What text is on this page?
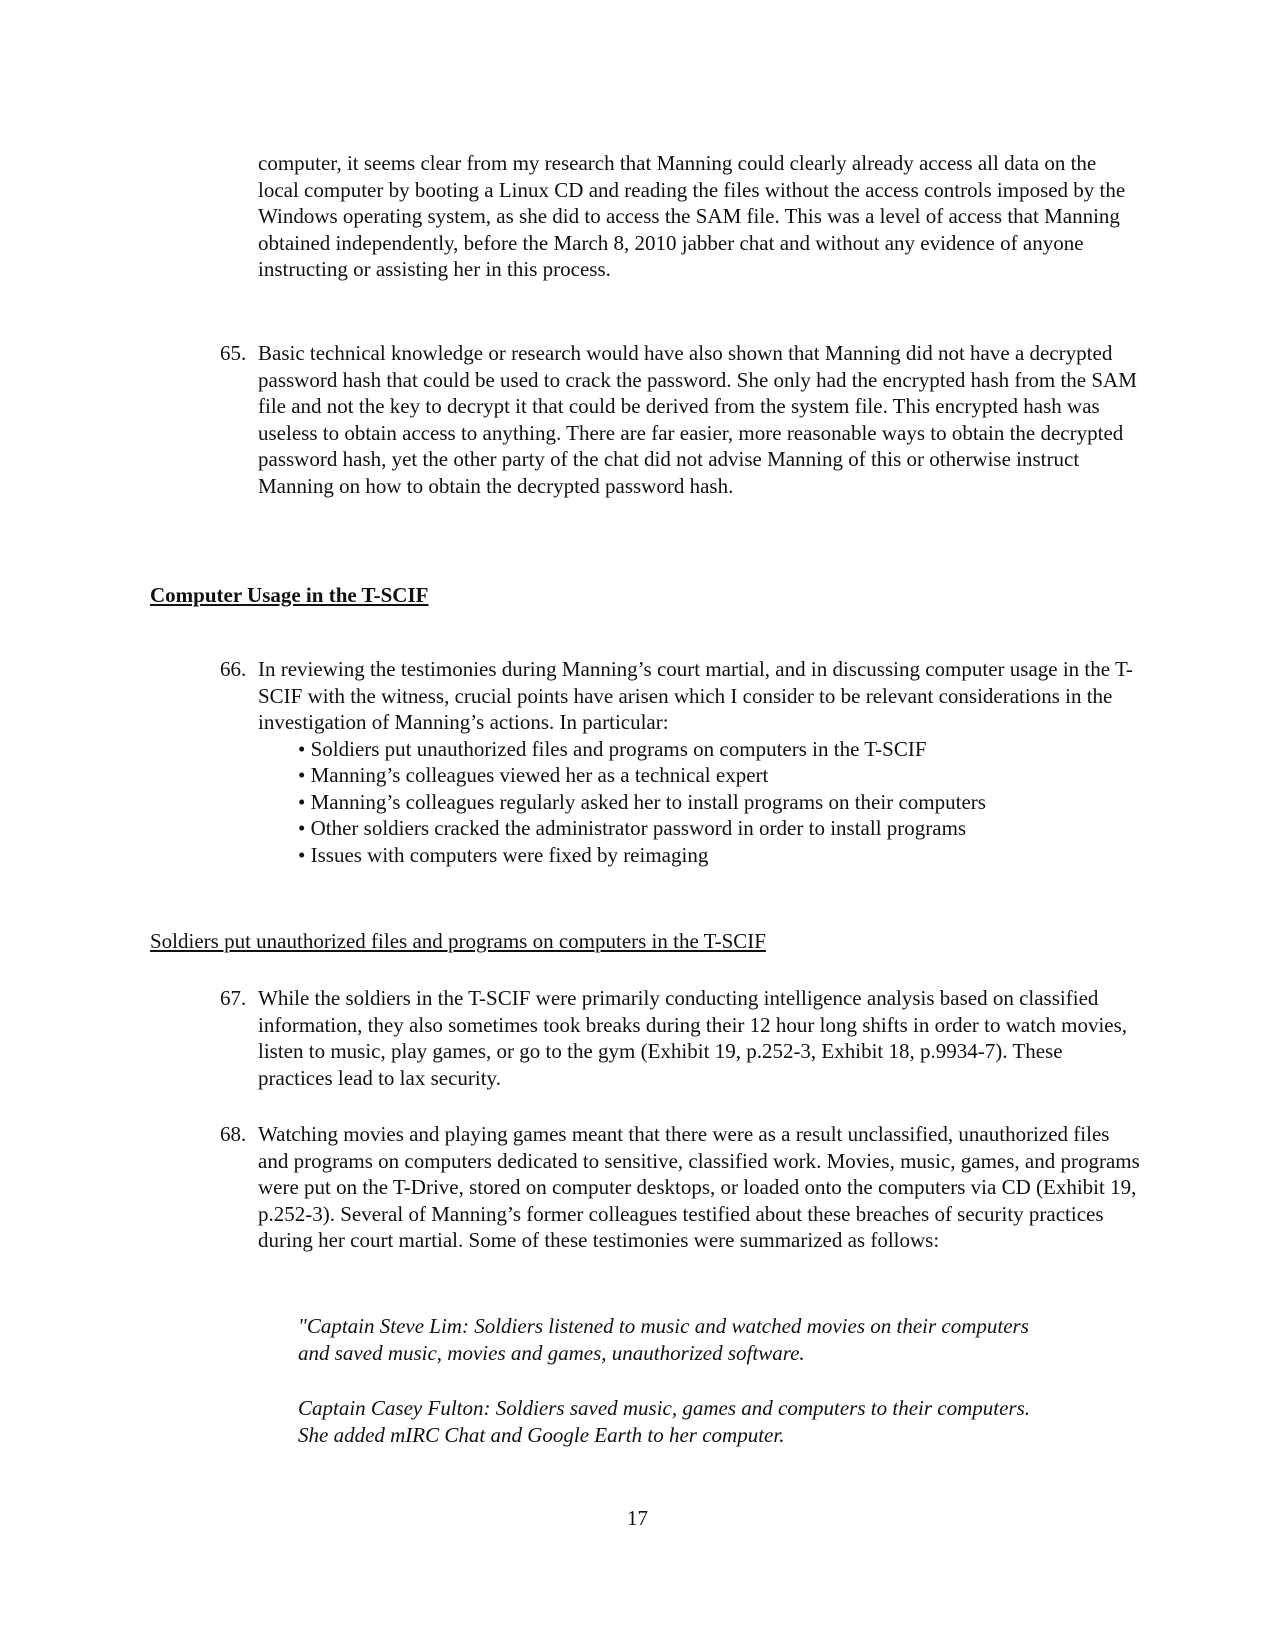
computer, it seems clear from my research that Manning could clearly already access all data on the local computer by booting a Linux CD and reading the files without the access controls imposed by the Windows operating system, as she did to access the SAM file. This was a level of access that Manning obtained independently, before the March 8, 2010 jabber chat and without any evidence of anyone instructing or assisting her in this process.
65. Basic technical knowledge or research would have also shown that Manning did not have a decrypted password hash that could be used to crack the password. She only had the encrypted hash from the SAM file and not the key to decrypt it that could be derived from the system file. This encrypted hash was useless to obtain access to anything. There are far easier, more reasonable ways to obtain the decrypted password hash, yet the other party of the chat did not advise Manning of this or otherwise instruct Manning on how to obtain the decrypted password hash.
Computer Usage in the T-SCIF
66. In reviewing the testimonies during Manning’s court martial, and in discussing computer usage in the T-SCIF with the witness, crucial points have arisen which I consider to be relevant considerations in the investigation of Manning’s actions. In particular:
• Soldiers put unauthorized files and programs on computers in the T-SCIF
• Manning’s colleagues viewed her as a technical expert
• Manning’s colleagues regularly asked her to install programs on their computers
• Other soldiers cracked the administrator password in order to install programs
• Issues with computers were fixed by reimaging
Soldiers put unauthorized files and programs on computers in the T-SCIF
67. While the soldiers in the T-SCIF were primarily conducting intelligence analysis based on classified information, they also sometimes took breaks during their 12 hour long shifts in order to watch movies, listen to music, play games, or go to the gym (Exhibit 19, p.252-3, Exhibit 18, p.9934-7). These practices lead to lax security.
68. Watching movies and playing games meant that there were as a result unclassified, unauthorized files and programs on computers dedicated to sensitive, classified work. Movies, music, games, and programs were put on the T-Drive, stored on computer desktops, or loaded onto the computers via CD (Exhibit 19, p.252-3). Several of Manning’s former colleagues testified about these breaches of security practices during her court martial. Some of these testimonies were summarized as follows:
"Captain Steve Lim: Soldiers listened to music and watched movies on their computers and saved music, movies and games, unauthorized software.
Captain Casey Fulton: Soldiers saved music, games and computers to their computers. She added mIRC Chat and Google Earth to her computer.
17
